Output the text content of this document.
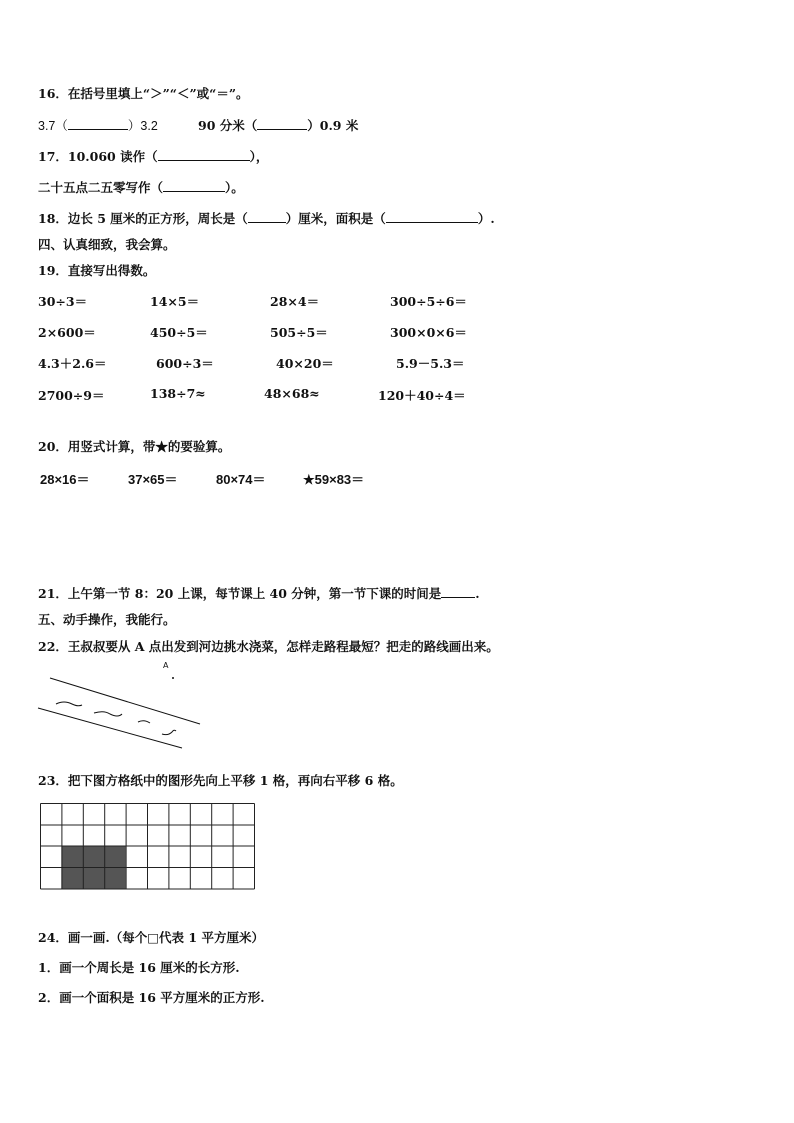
16．在括号里填上“＞”“＜”或“＝”。
3.7（	）3.2	90 分米（	）0.9 米
17．10.060 读作（	），
二十五点二五零写作（	）。
18．边长 5 厘米的正方形，周长是（	）厘米，面积是（	）.
四、认真细致，我会算。
19．直接写出得数。
30÷3＝	14×5＝	28×4＝	300÷5÷6＝
2×600＝	450÷5＝	505÷5＝	300×0×6＝
4.3＋2.6＝	600÷3＝	40×20＝	5.9－5.3＝
2700÷9＝	138÷7≈	48×68≈	120＋40÷4＝
20．用竖式计算，带★的要验算。
28×16＝	37×65＝	80×74＝	★59×83＝
21．上午第一节 8：20 上课，每节课上 40 分钟，第一节下课的时间是	.
五、动手操作，我能行。
22．王叔叔要从 A 点出发到河边挑水浇菜，怎样走路程最短？把走的路线画出来。
A
23．把下图方格纸中的图形先向上平移 1 格，再向右平移 6 格。
24．画一画.（每个□代表 1 平方厘米）
1．画一个周长是 16 厘米的长方形.
2．画一个面积是 16 平方厘米的正方形.
